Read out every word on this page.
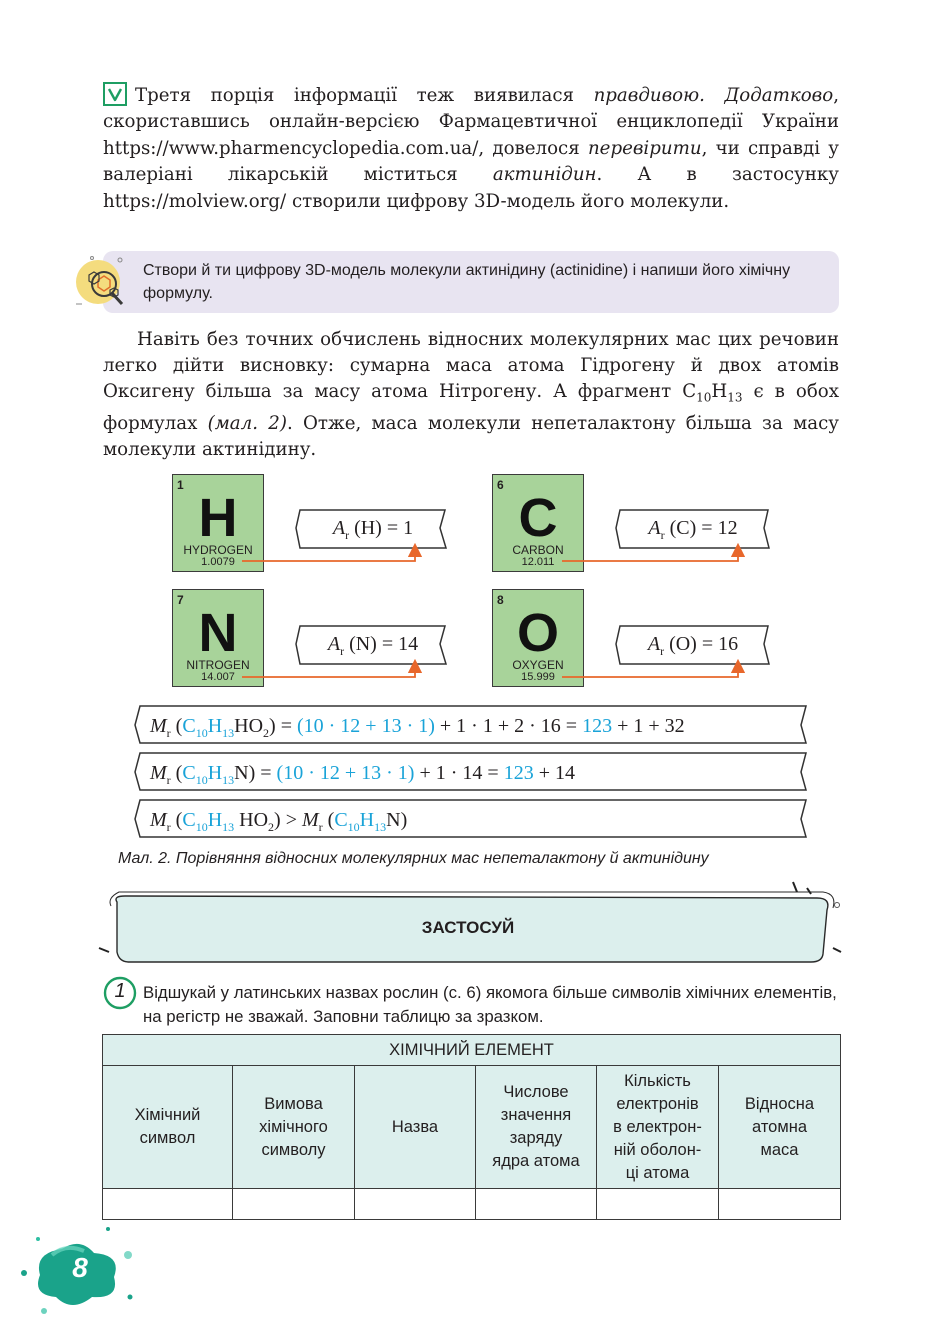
Третя порція інформації теж виявилася правдивою. Додатково, скориставшись онлайн-версією Фармацевтичної енциклопедії України https://www.pharmencyclopedia.com.ua/, довелося перевірити, чи справді у валеріані лікарській міститься актинідин. А в застосунку https://molview.org/ створили цифрову 3D-модель його молекули.
Створи й ти цифрову 3D-модель молекули актинідину (actinidine) і напиши його хімічну формулу.
Навіть без точних обчислень відносних молекулярних мас цих речовин легко дійти висновку: сумарна маса атома Гідрогену й двох атомів Оксигену більша за масу атома Нітрогену. А фрагмент $C_{10}H_{13}$ є в обох формулах (мал. 2). Отже, маса молекули непеталактону більша за масу молекули актинідину.
1
H
HYDROGEN
1.0079
6
C
CARBON
12.011
7
N
NITROGEN
14.007
8
O
OXYGEN
15.999
$A_r$ (H) = 1	$A_r$ (C) = 12
$A_r$ (N) = 14	$A_r$ (O) = 16
$M_r$ $(C_{10}H_{13}HO_2) = (10 \cdot 12 + 13 \cdot 1) + 1 \cdot 1 + 2 \cdot 16 = 123 + 1 + 32$
$M_r$ $(C_{10}H_{13}N) = (10 \cdot 12 + 13 \cdot 1) + 1 \cdot 14 = 123 + 14$
$M_r$ ($C_{10}H_{13}$ $HO_2) > M_r$ $(C_{10}H_{13}N)$
Мал. 2. Порівняння відносних молекулярних мас непеталактону й актинідину
ЗАСТОСУЙ
1	Відшукай у латинських назвах рослин (с. 6) якомога більше символів хімічних елементів, на регістр не зважай. Заповни таблицю за зразком.
ХІМІЧНИЙ ЕЛЕМЕНТ					
Хімічний
символ	Вимова
хімічного
символу	Назва	Числове
значення
заряду
ядра атома	Кількість
електронів
в електрон-
ній оболон-
ці атома	Відносна
атомна
маса

8
